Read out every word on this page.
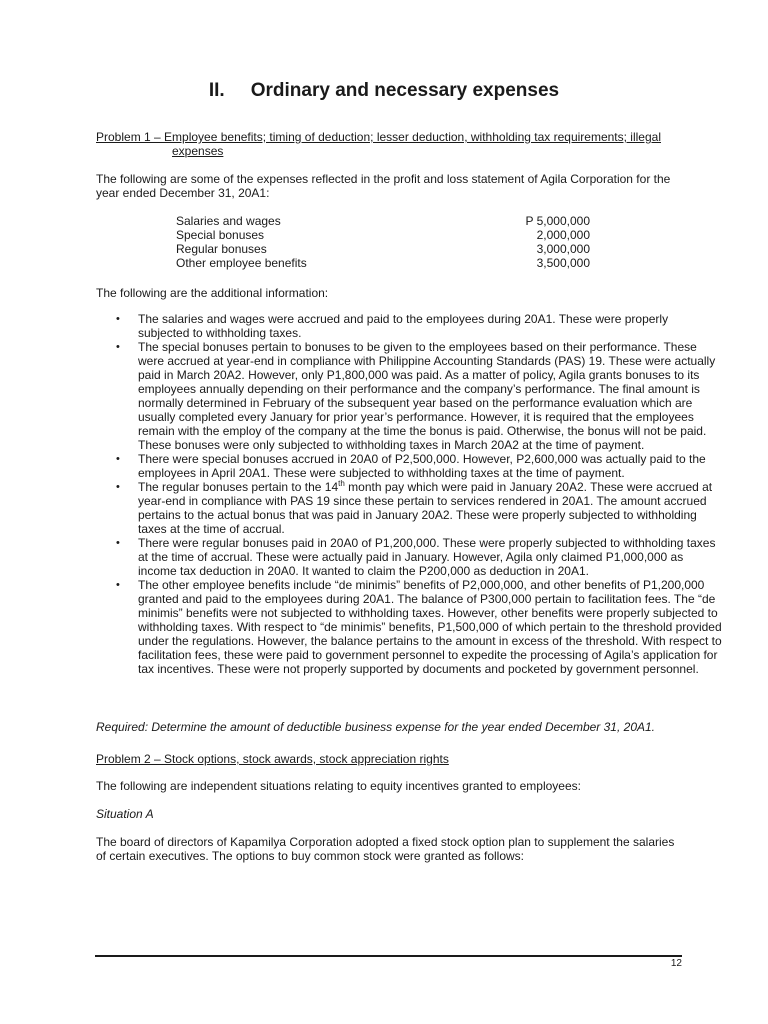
II. Ordinary and necessary expenses
Problem 1 – Employee benefits; timing of deduction; lesser deduction, withholding tax requirements; illegal
expenses
The following are some of the expenses reflected in the profit and loss statement of Agila Corporation for the year ended December 31, 20A1:
Salaries and wages	P 5,000,000
Special bonuses	2,000,000
Regular bonuses	3,000,000
Other employee benefits	3,500,000
The following are the additional information:

• The salaries and wages were accrued and paid to the employees during 20A1. These were properly subjected to withholding taxes.

• The special bonuses pertain to bonuses to be given to the employees based on their performance. These were accrued at year-end in compliance with Philippine Accounting Standards (PAS) 19. These were actually paid in March 20A2. However, only P1,800,000 was paid. As a matter of policy, Agila grants bonuses to its employees annually depending on their performance and the company’s performance. The final amount is normally determined in February of the subsequent year based on the performance evaluation which are usually completed every January for prior year’s performance. However, it is required that the employees remain with the employ of the company at the time the bonus is paid. Otherwise, the bonus will not be paid. These bonuses were only subjected to withholding taxes in March 20A2 at the time of payment.

• There were special bonuses accrued in 20A0 of P2,500,000. However, P2,600,000 was actually paid to the employees in April 20A1. These were subjected to withholding taxes at the time of payment.

• The regular bonuses pertain to the 14th month pay which were paid in January 20A2. These were accrued at year-end in compliance with PAS 19 since these pertain to services rendered in 20A1. The amount accrued pertains to the actual bonus that was paid in January 20A2. These were properly subjected to withholding taxes at the time of accrual.

• There were regular bonuses paid in 20A0 of P1,200,000. These were properly subjected to withholding taxes at the time of accrual. These were actually paid in January. However, Agila only claimed P1,000,000 as income tax deduction in 20A0. It wanted to claim the P200,000 as deduction in 20A1.

• The other employee benefits include “de minimis” benefits of P2,000,000, and other benefits of P1,200,000 granted and paid to the employees during 20A1. The balance of P300,000 pertain to facilitation fees. The “de minimis” benefits were not subjected to withholding taxes. However, other benefits were properly subjected to withholding taxes. With respect to “de minimis” benefits, P1,500,000 of which pertain to the threshold provided under the regulations. However, the balance pertains to the amount in excess of the threshold. With respect to facilitation fees, these were paid to government personnel to expedite the processing of Agila’s application for tax incentives. These were not properly supported by documents and pocketed by government personnel.

Required: Determine the amount of deductible business expense for the year ended December 31, 20A1.
Problem 2 – Stock options, stock awards, stock appreciation rights
The following are independent situations relating to equity incentives granted to employees:
Situation A
The board of directors of Kapamilya Corporation adopted a fixed stock option plan to supplement the salaries of certain executives. The options to buy common stock were granted as follows:
12
